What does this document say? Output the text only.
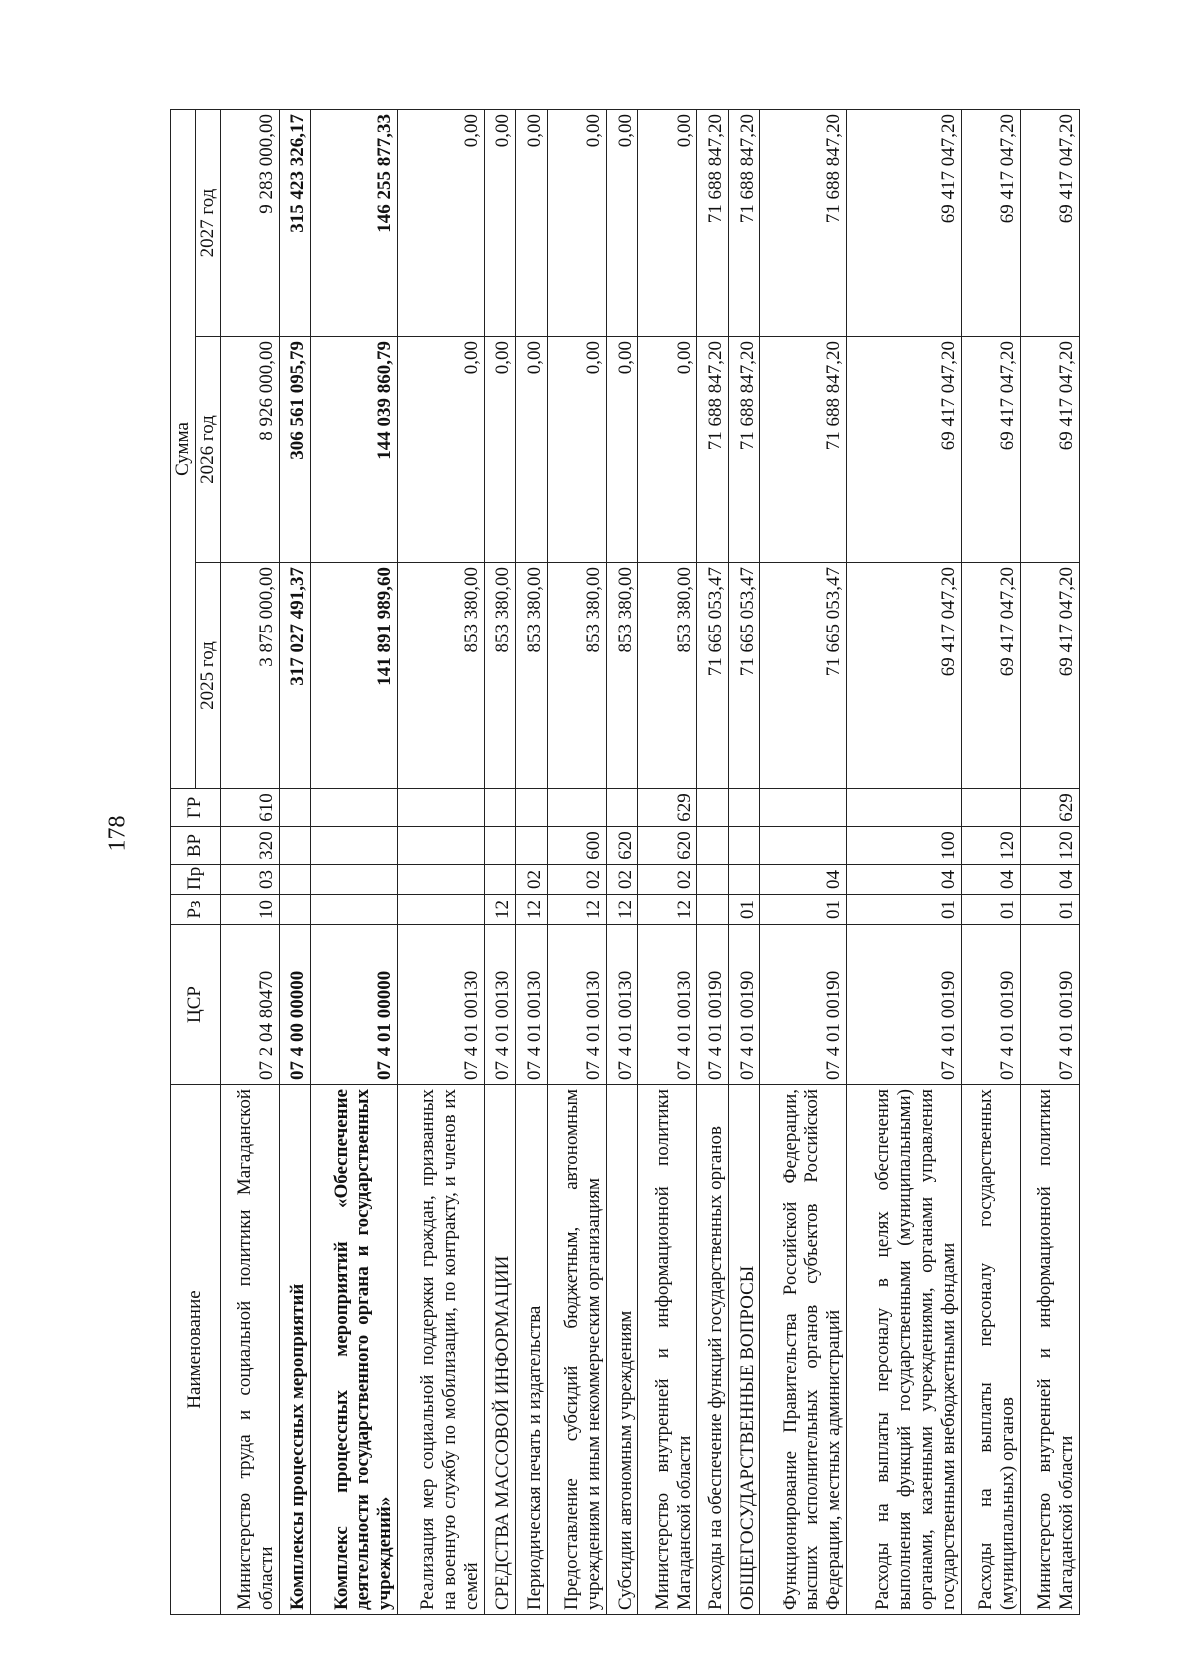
178
Наименование	ЦСР	Рз	Пр	ВР	ГР	Сумма		
						2025 год	2026 год	2027 год
Министерство труда и социальной политики Магаданской области	07 2 04 80470	10	03	320	610	3 875 000,00	8 926 000,00	9 283 000,00
Комплексы процессных мероприятий	07 4 00 00000					317 027 491,37	306 561 095,79	315 423 326,17
Комплекс процессных мероприятий «Обеспечение деятельности государственного органа и государственных учреждений»	07 4 01 00000					141 891 989,60	144 039 860,79	146 255 877,33
Реализация мер социальной поддержки граждан, призванных на военную службу по мобилизации, по контракту, и членов их семей	07 4 01 00130					853 380,00	0,00	0,00
СРЕДСТВА МАССОВОЙ ИНФОРМАЦИИ	07 4 01 00130	12				853 380,00	0,00	0,00
Периодическая печать и издательства	07 4 01 00130	12	02			853 380,00	0,00	0,00
Предоставление субсидий бюджетным, автономным учреждениям и иным некоммерческим организациям	07 4 01 00130	12	02	600		853 380,00	0,00	0,00
Субсидии автономным учреждениям	07 4 01 00130	12	02	620		853 380,00	0,00	0,00
Министерство внутренней и информационной политики Магаданской области	07 4 01 00130	12	02	620	629	853 380,00	0,00	0,00
Расходы на обеспечение функций государственных органов	07 4 01 00190					71 665 053,47	71 688 847,20	71 688 847,20
ОБЩЕГОСУДАРСТВЕННЫЕ ВОПРОСЫ	07 4 01 00190	01				71 665 053,47	71 688 847,20	71 688 847,20
Функционирование Правительства Российской Федерации, высших исполнительных органов субъектов Российской Федерации, местных администраций	07 4 01 00190	01	04			71 665 053,47	71 688 847,20	71 688 847,20
Расходы на выплаты персоналу в целях обеспечения выполнения функций государственными (муниципальными) органами, казенными учреждениями, органами управления государственными внебюджетными фондами	07 4 01 00190	01	04	100		69 417 047,20	69 417 047,20	69 417 047,20
Расходы на выплаты персоналу государственных (муниципальных) органов	07 4 01 00190	01	04	120		69 417 047,20	69 417 047,20	69 417 047,20
Министерство внутренней и информационной политики Магаданской области	07 4 01 00190	01	04	120	629	69 417 047,20	69 417 047,20	69 417 047,20
